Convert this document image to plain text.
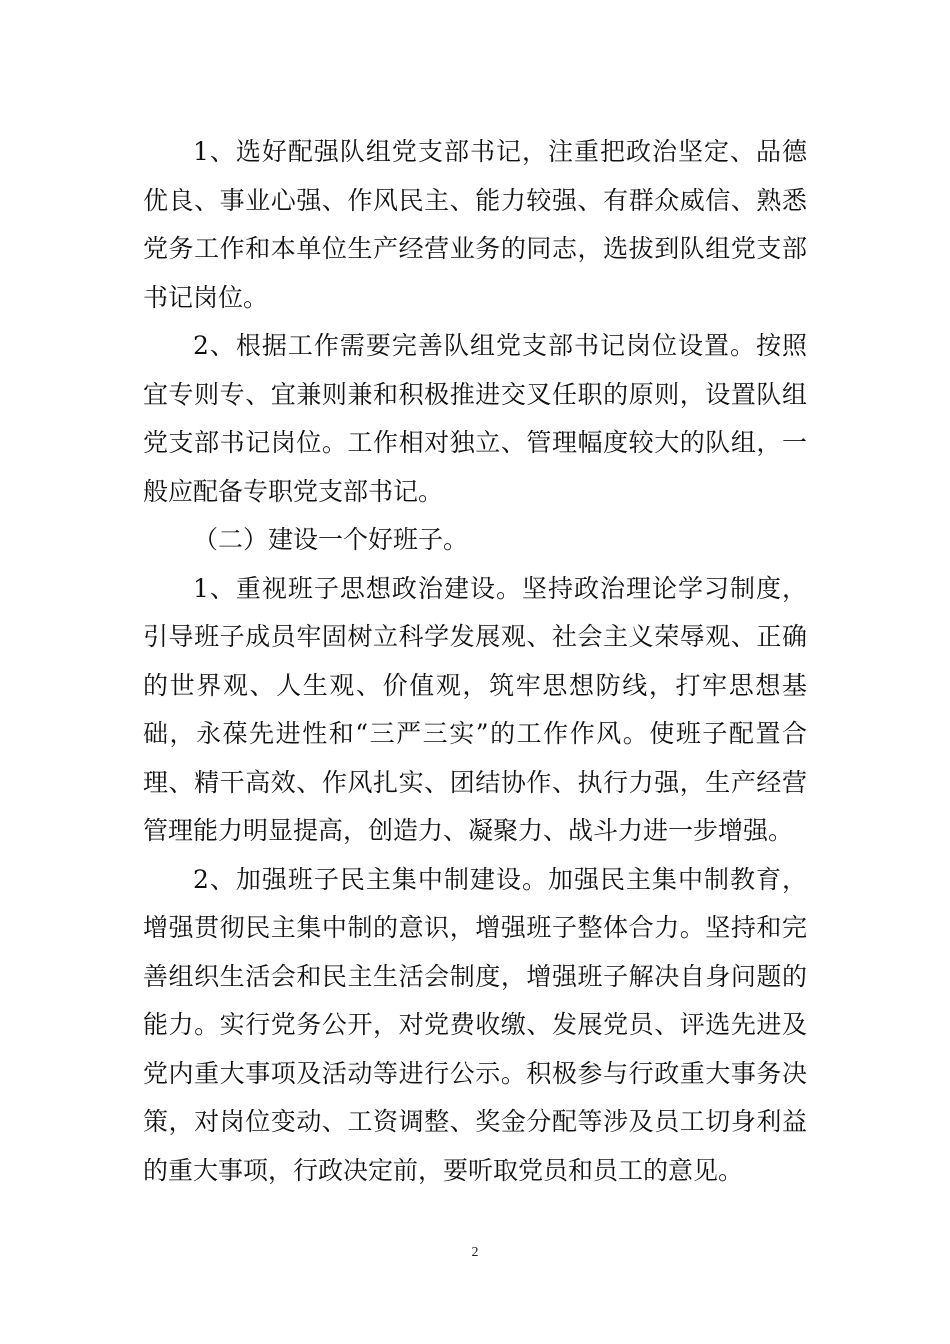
1、选好配强队组党支部书记，注重把政治坚定、品德优良、事业心强、作风民主、能力较强、有群众威信、熟悉党务工作和本单位生产经营业务的同志，选拔到队组党支部书记岗位。

2、根据工作需要完善队组党支部书记岗位设置。按照宜专则专、宜兼则兼和积极推进交叉任职的原则，设置队组党支部书记岗位。工作相对独立、管理幅度较大的队组，一般应配备专职党支部书记。

（二）建设一个好班子。

1、重视班子思想政治建设。坚持政治理论学习制度，引导班子成员牢固树立科学发展观、社会主义荣辱观、正确的世界观、人生观、价值观，筑牢思想防线，打牢思想基础，永葆先进性和“三严三实”的工作作风。使班子配置合理、精干高效、作风扎实、团结协作、执行力强，生产经营管理能力明显提高，创造力、凝聚力、战斗力进一步增强。

2、加强班子民主集中制建设。加强民主集中制教育，增强贯彻民主集中制的意识，增强班子整体合力。坚持和完善组织生活会和民主生活会制度，增强班子解决自身问题的能力。实行党务公开，对党费收缴、发展党员、评选先进及党内重大事项及活动等进行公示。积极参与行政重大事务决策，对岗位变动、工资调整、奖金分配等涉及员工切身利益的重大事项，行政决定前，要听取党员和员工的意见。

2
